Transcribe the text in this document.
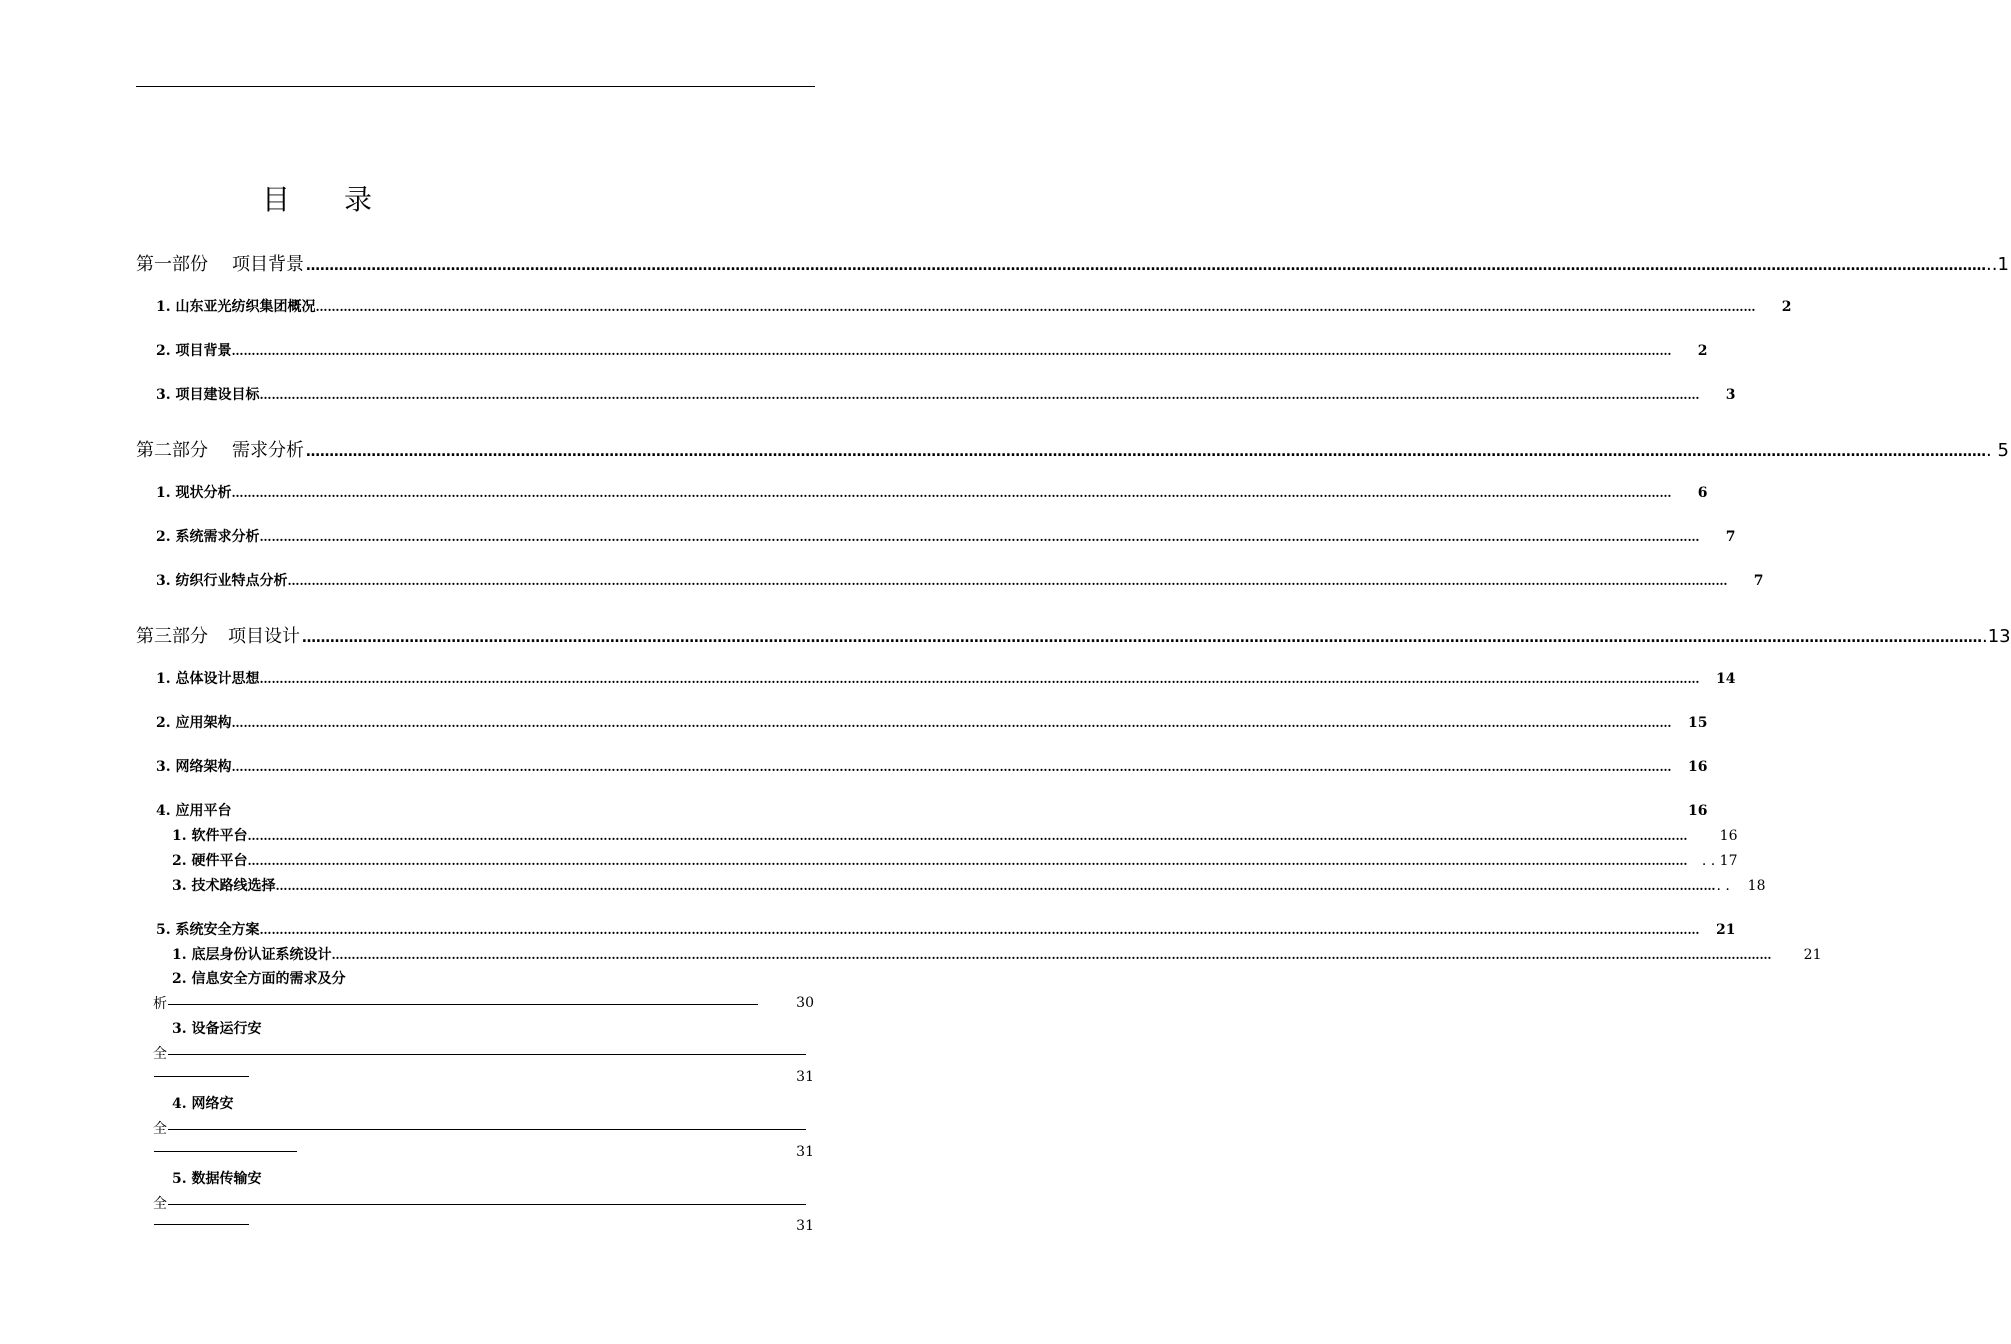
目 录
第一部份 项目背景 ……………………………………………………………………………………………………………………………………………………………………………………………………………………………………………………………………………………………………………………………… ..1
1. 山东亚光纺织集团概况 ………………………………………………………………………………………………………………………………………………………………………………………………………………………………………………………………………………………………………………………………	2
2. 项目背景 ………………………………………………………………………………………………………………………………………………………………………………………………………………………………………………………………………………………………………………………………	2
3. 项目建设目标 ………………………………………………………………………………………………………………………………………………………………………………………………………………………………………………………………………………………………………………………………	3
第二部分 需求分析 ……………………………………………………………………………………………………………………………………………………………………………………………………………………………………………………………………………………………………………………………… . 5
1. 现状分析 ………………………………………………………………………………………………………………………………………………………………………………………………………………………………………………………………………………………………………………………………	6
2. 系统需求分析 ………………………………………………………………………………………………………………………………………………………………………………………………………………………………………………………………………………………………………………………………	7
3. 纺织行业特点分析 ………………………………………………………………………………………………………………………………………………………………………………………………………………………………………………………………………………………………………………………………	7
第三部分 项目设计 ……………………………………………………………………………………………………………………………………………………………………………………………………………………………………………………………………………………………………………………………… .13
1. 总体设计思想 ………………………………………………………………………………………………………………………………………………………………………………………………………………………………………………………………………………………………………………………………	14
2. 应用架构 ………………………………………………………………………………………………………………………………………………………………………………………………………………………………………………………………………………………………………………………………	15
3. 网络架构 ………………………………………………………………………………………………………………………………………………………………………………………………………………………………………………………………………………………………………………………………	16
4. 应用平台	16
1. 软件平台 ………………………………………………………………………………………………………………………………………………………………………………………………………………………………………………………………………………………………………………………………	16
2. 硬件平台 ………………………………………………………………………………………………………………………………………………………………………………………………………………………………………………………………………………………………………………………………	. . 17
3. 技术路线选择 ……………………………………………………………………………………………………………………………………………………………………………………………………………………………………………………………………………………………………………………………… . .    18
5. 系统安全方案 ………………………………………………………………………………………………………………………………………………………………………………………………………………………………………………………………………………………………………………………………	21
1. 底层身份认证系统设计 ………………………………………………………………………………………………………………………………………………………………………………………………………………………………………………………………………………………………………………………………	21
2. 信息安全方面的需求及分
析	30
3. 设备运行安
全
31
4. 网络安
全
31
5. 数据传输安
全
31
